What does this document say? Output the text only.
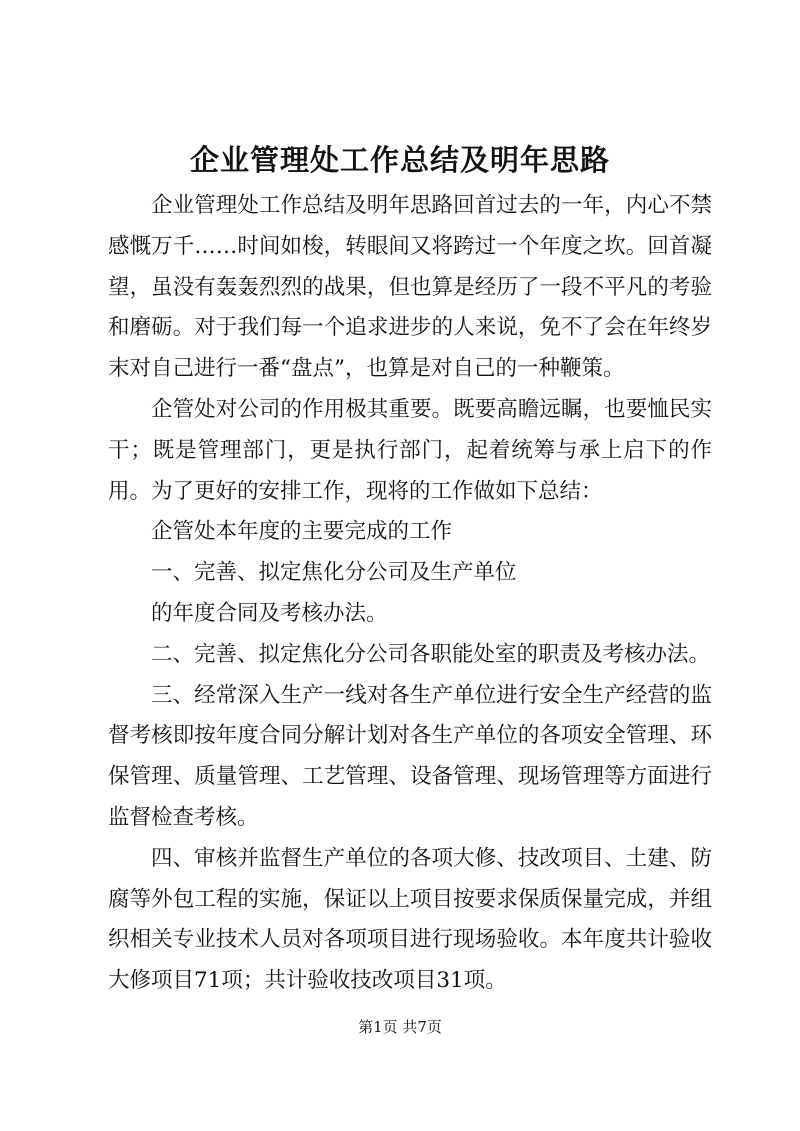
企业管理处工作总结及明年思路

企业管理处工作总结及明年思路回首过去的一年，内心不禁感慨万千……时间如梭，转眼间又将跨过一个年度之坎。回首凝望，虽没有轰轰烈烈的战果，但也算是经历了一段不平凡的考验和磨砺。对于我们每一个追求进步的人来说，免不了会在年终岁末对自己进行一番“盘点”，也算是对自己的一种鞭策。

企管处对公司的作用极其重要。既要高瞻远瞩，也要恤民实干；既是管理部门，更是执行部门，起着统筹与承上启下的作用。为了更好的安排工作，现将的工作做如下总结：

企管处本年度的主要完成的工作

一、完善、拟定焦化分公司及生产单位

的年度合同及考核办法。

二、完善、拟定焦化分公司各职能处室的职责及考核办法。

三、经常深入生产一线对各生产单位进行安全生产经营的监督考核即按年度合同分解计划对各生产单位的各项安全管理、环保管理、质量管理、工艺管理、设备管理、现场管理等方面进行监督检查考核。

四、审核并监督生产单位的各项大修、技改项目、土建、防腐等外包工程的实施，保证以上项目按要求保质保量完成，并组织相关专业技术人员对各项项目进行现场验收。本年度共计验收大修项目71项；共计验收技改项目31项。

第1页 共7页
